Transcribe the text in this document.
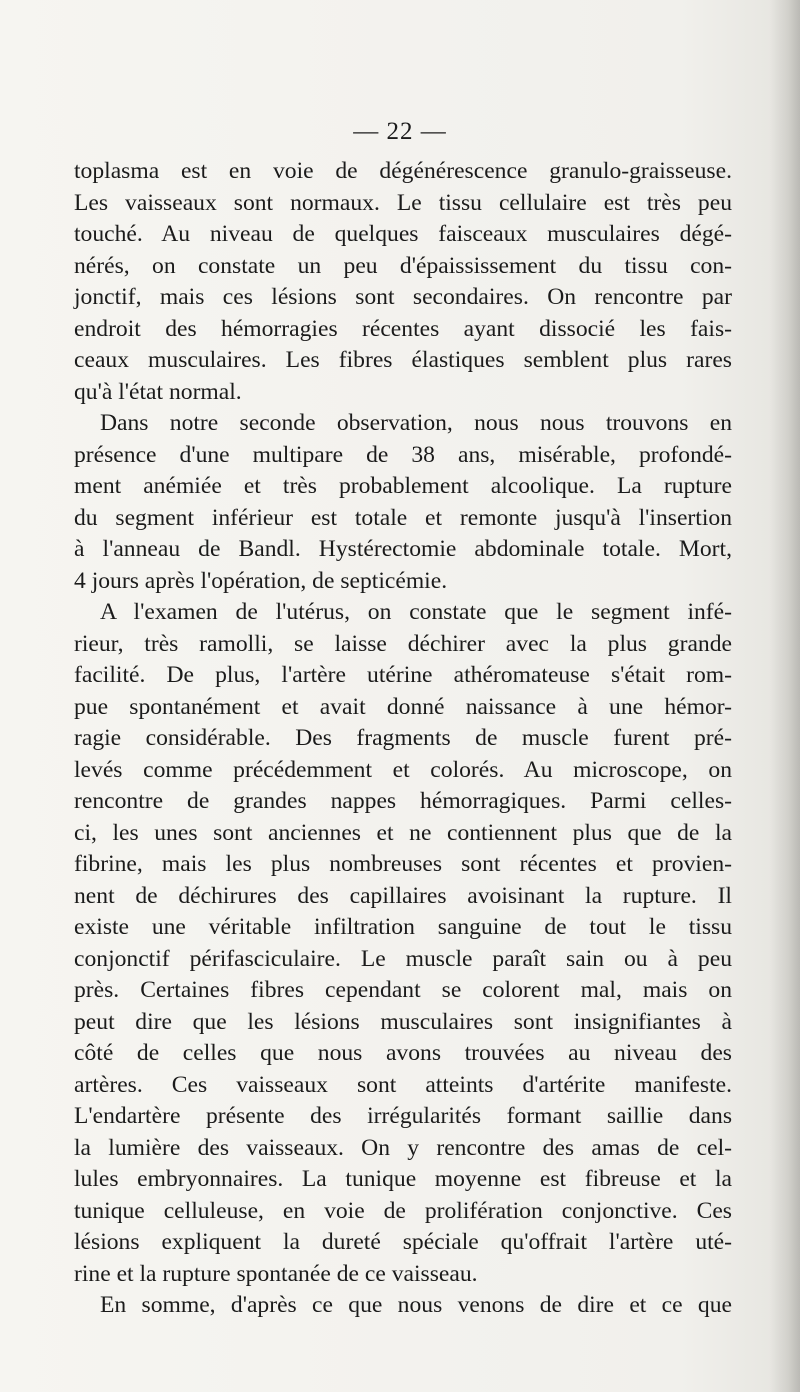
— 22 —
toplasma est en voie de dégénérescence granulo-graisseuse.
Les vaisseaux sont normaux. Le tissu cellulaire est très peu
touché. Au niveau de quelques faisceaux musculaires dégé-
nérés, on constate un peu d'épaississement du tissu con-
jonctif, mais ces lésions sont secondaires. On rencontre par
endroit des hémorragies récentes ayant dissocié les fais-
ceaux musculaires. Les fibres élastiques semblent plus rares
qu'à l'état normal.
Dans notre seconde observation, nous nous trouvons en
présence d'une multipare de 38 ans, misérable, profondé-
ment anémiée et très probablement alcoolique. La rupture
du segment inférieur est totale et remonte jusqu'à l'insertion
à l'anneau de Bandl. Hystérectomie abdominale totale. Mort,
4 jours après l'opération, de septicémie.
A l'examen de l'utérus, on constate que le segment infé-
rieur, très ramolli, se laisse déchirer avec la plus grande
facilité. De plus, l'artère utérine athéromateuse s'était rom-
pue spontanément et avait donné naissance à une hémor-
ragie considérable. Des fragments de muscle furent pré-
levés comme précédemment et colorés. Au microscope, on
rencontre de grandes nappes hémorragiques. Parmi celles-
ci, les unes sont anciennes et ne contiennent plus que de la
fibrine, mais les plus nombreuses sont récentes et provien-
nent de déchirures des capillaires avoisinant la rupture. Il
existe une véritable infiltration sanguine de tout le tissu
conjonctif périfasciculaire. Le muscle paraît sain ou à peu
près. Certaines fibres cependant se colorent mal, mais on
peut dire que les lésions musculaires sont insignifiantes à
côté de celles que nous avons trouvées au niveau des
artères. Ces vaisseaux sont atteints d'artérite manifeste.
L'endartère présente des irrégularités formant saillie dans
la lumière des vaisseaux. On y rencontre des amas de cel-
lules embryonnaires. La tunique moyenne est fibreuse et la
tunique celluleuse, en voie de prolifération conjonctive. Ces
lésions expliquent la dureté spéciale qu'offrait l'artère uté-
rine et la rupture spontanée de ce vaisseau.
En somme, d'après ce que nous venons de dire et ce que
